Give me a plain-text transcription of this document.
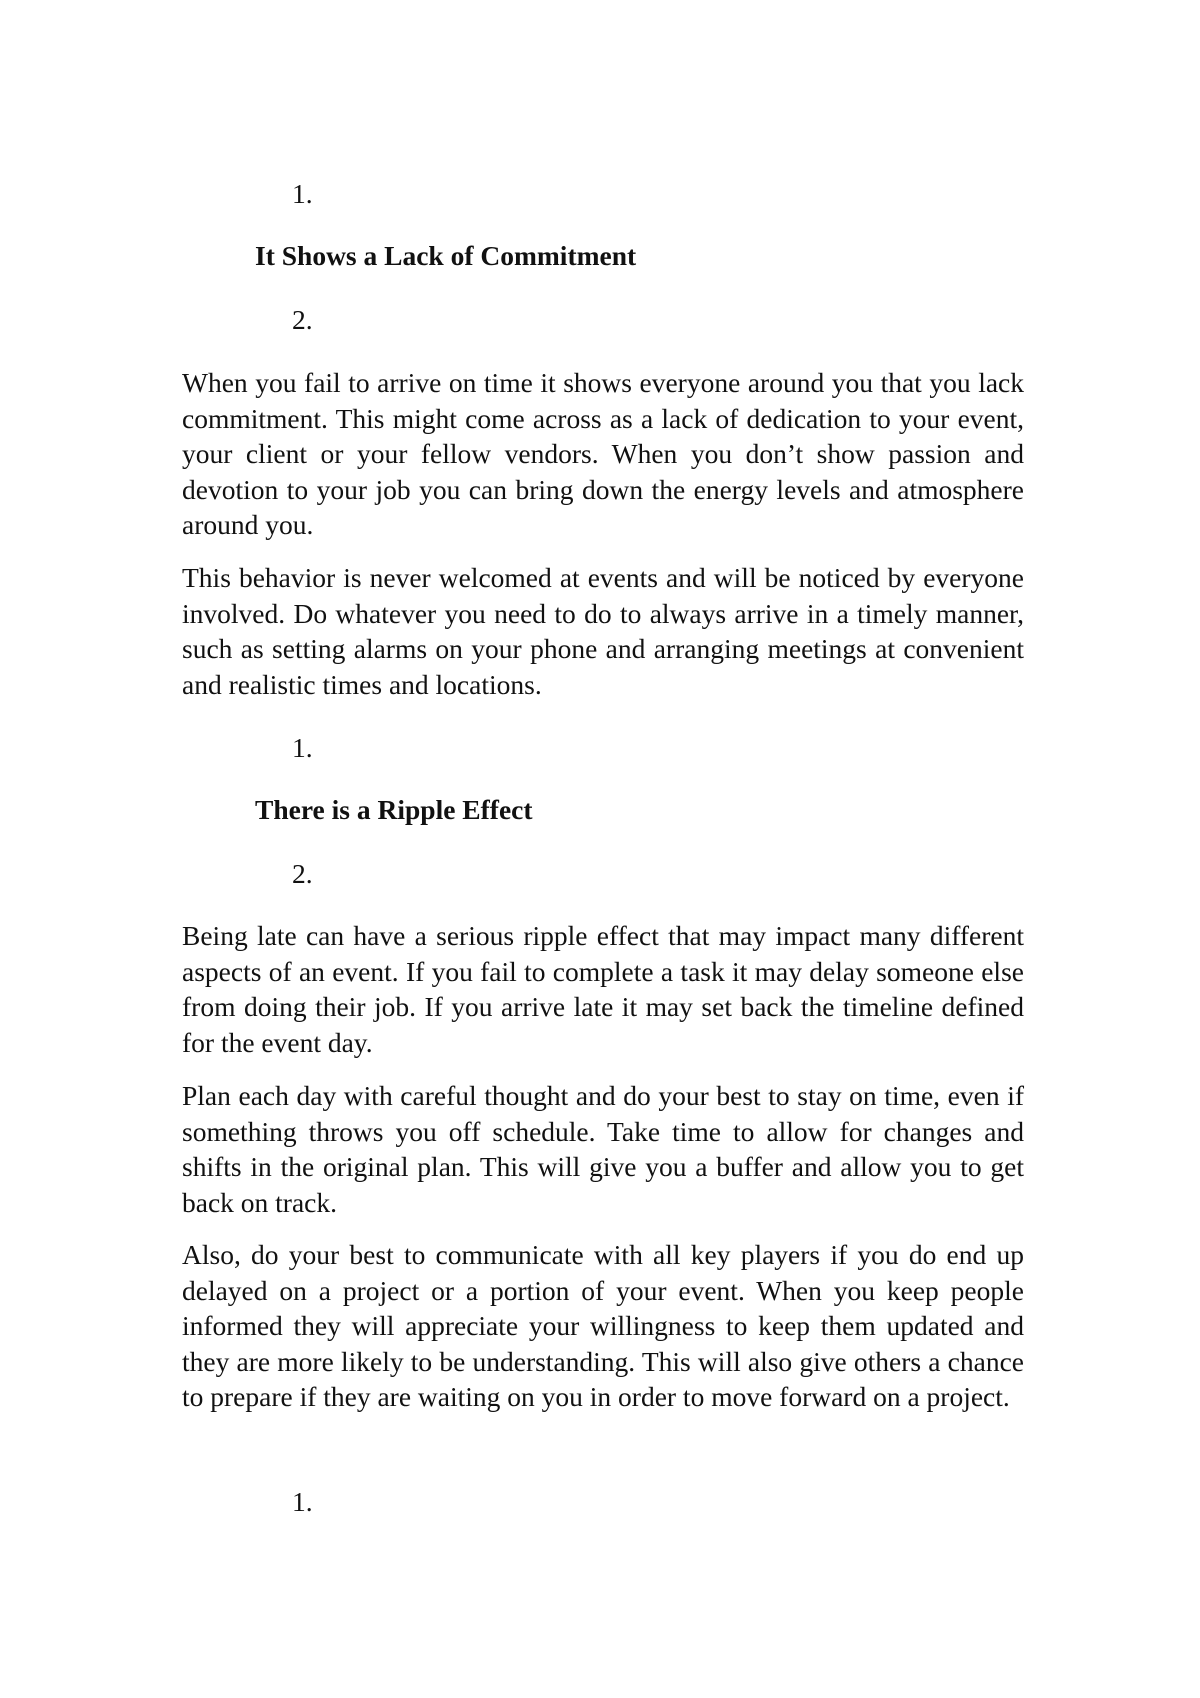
1.

It Shows a Lack of Commitment

2.

When you fail to arrive on time it shows everyone around you that you lack commitment. This might come across as a lack of dedication to your event, your client or your fellow vendors. When you don’t show passion and devotion to your job you can bring down the energy levels and atmosphere around you.

This behavior is never welcomed at events and will be noticed by everyone involved. Do whatever you need to do to always arrive in a timely manner, such as setting alarms on your phone and arranging meetings at convenient and realistic times and locations.

1.

There is a Ripple Effect

2.

Being late can have a serious ripple effect that may impact many different aspects of an event. If you fail to complete a task it may delay someone else from doing their job. If you arrive late it may set back the timeline defined for the event day.

Plan each day with careful thought and do your best to stay on time, even if something throws you off schedule. Take time to allow for changes and shifts in the original plan. This will give you a buffer and allow you to get back on track.

Also, do your best to communicate with all key players if you do end up delayed on a project or a portion of your event. When you keep people informed they will appreciate your willingness to keep them updated and they are more likely to be understanding. This will also give others a chance to prepare if they are waiting on you in order to move forward on a project.

1.
